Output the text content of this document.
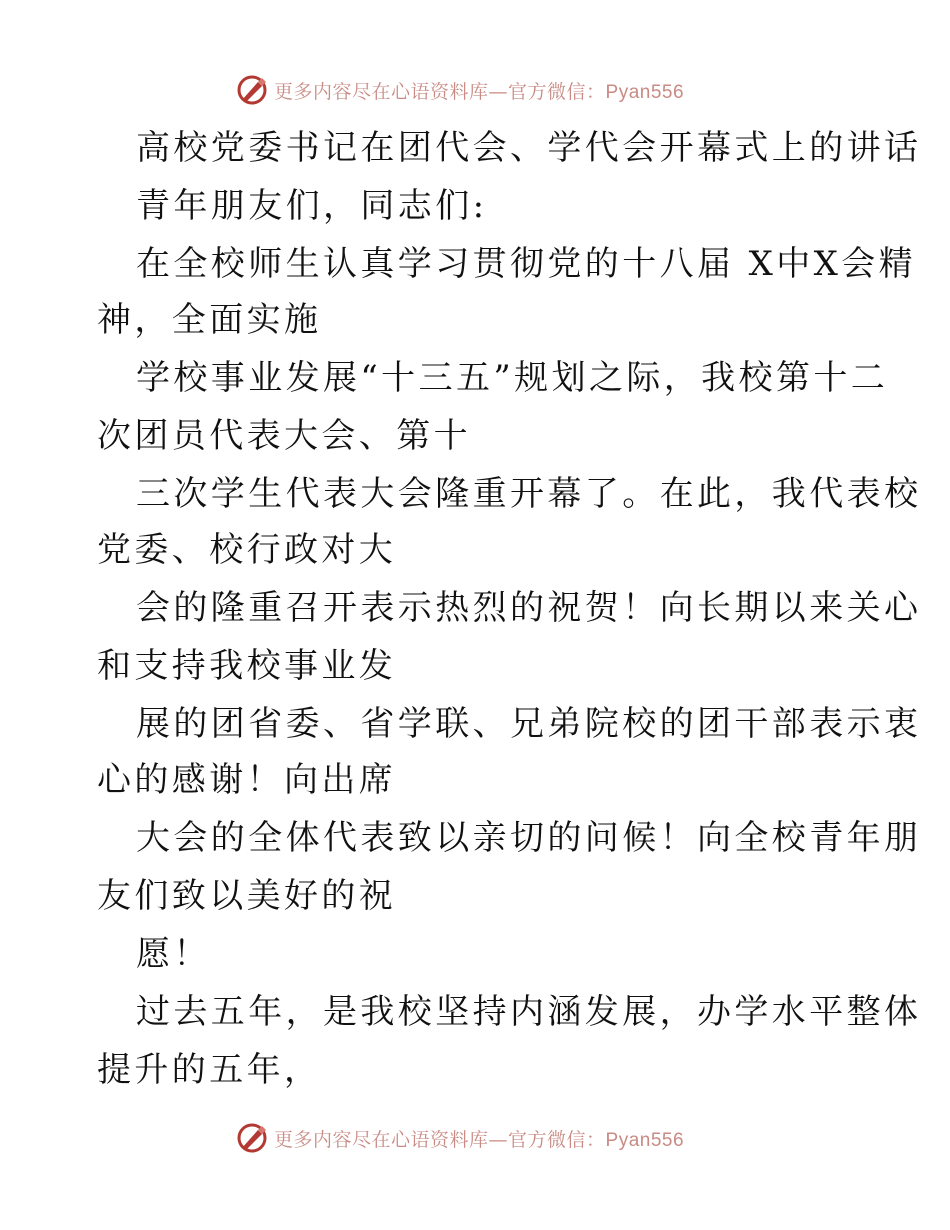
更多内容尽在心语资料库—官方微信：Pyan556
高校党委书记在团代会、学代会开幕式上的讲话
青年朋友们，同志们:
在全校师生认真学习贯彻党的十八届 X中X会精
神，全面实施
学校事业发展“十三五”规划之际，我校第十二
次团员代表大会、第十
三次学生代表大会隆重开幕了。在此，我代表校
党委、校行政对大
会的隆重召开表示热烈的祝贺！向长期以来关心
和支持我校事业发
展的团省委、省学联、兄弟院校的团干部表示衷
心的感谢！向出席
大会的全体代表致以亲切的问候！向全校青年朋
友们致以美好的祝
愿！
过去五年，是我校坚持内涵发展，办学水平整体
提升的五年，
更多内容尽在心语资料库—官方微信：Pyan556
